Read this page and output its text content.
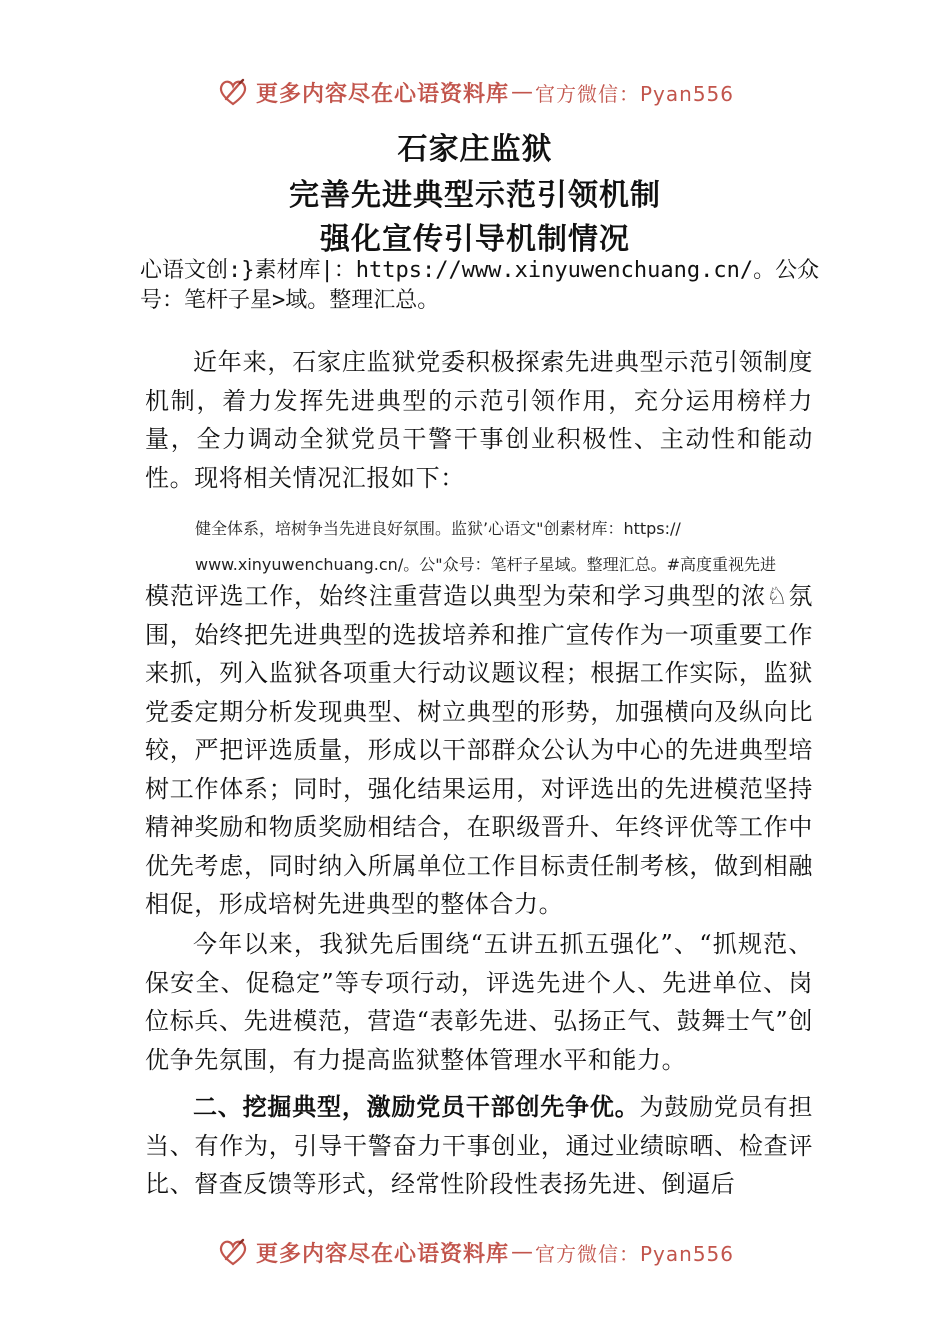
更多内容尽在心语资料库 — 官方微信：Pyan556
石家庄监狱
完善先进典型示范引领机制
强化宣传引导机制情况
心语文创:}素材库|：https://www.xinyuwenchuang.cn/。公众号：笔杆子星>域。整理汇总。
近年来，石家庄监狱党委积极探索先进典型示范引领制度机制，着力发挥先进典型的示范引领作用，充分运用榜样力量，全力调动全狱党员干警干事创业积极性、主动性和能动性。现将相关情况汇报如下：
健全体系，培树争当先进良好氛围。监狱’心语文"创素材库：https://
www.xinyuwenchuang.cn/。公"众号：笔杆子星域。整理汇总。#高度重视先进
模范评选工作，始终注重营造以典型为荣和学习典型的浓♘氛围，始终把先进典型的选拔培养和推广宣传作为一项重要工作来抓，列入监狱各项重大行动议题议程；根据工作实际，监狱党委定期分析发现典型、树立典型的形势，加强横向及纵向比较，严把评选质量，形成以干部群众公认为中心的先进典型培树工作体系；同时，强化结果运用，对评选出的先进模范坚持精神奖励和物质奖励相结合，在职级晋升、年终评优等工作中优先考虑，同时纳入所属单位工作目标责任制考核，做到相融相促，形成培树先进典型的整体合力。
今年以来，我狱先后围绕“五讲五抓五强化”、“抓规范、保安全、促稳定”等专项行动，评选先进个人、先进单位、岗位标兵、先进模范，营造“表彰先进、弘扬正气、鼓舞士气”创优争先氛围，有力提高监狱整体管理水平和能力。
二、挖掘典型，激励党员干部创先争优。为鼓励党员有担当、有作为，引导干警奋力干事创业，通过业绩晾晒、检查评比、督查反馈等形式，经常性阶段性表扬先进、倒逼后
更多内容尽在心语资料库 — 官方微信：Pyan556
